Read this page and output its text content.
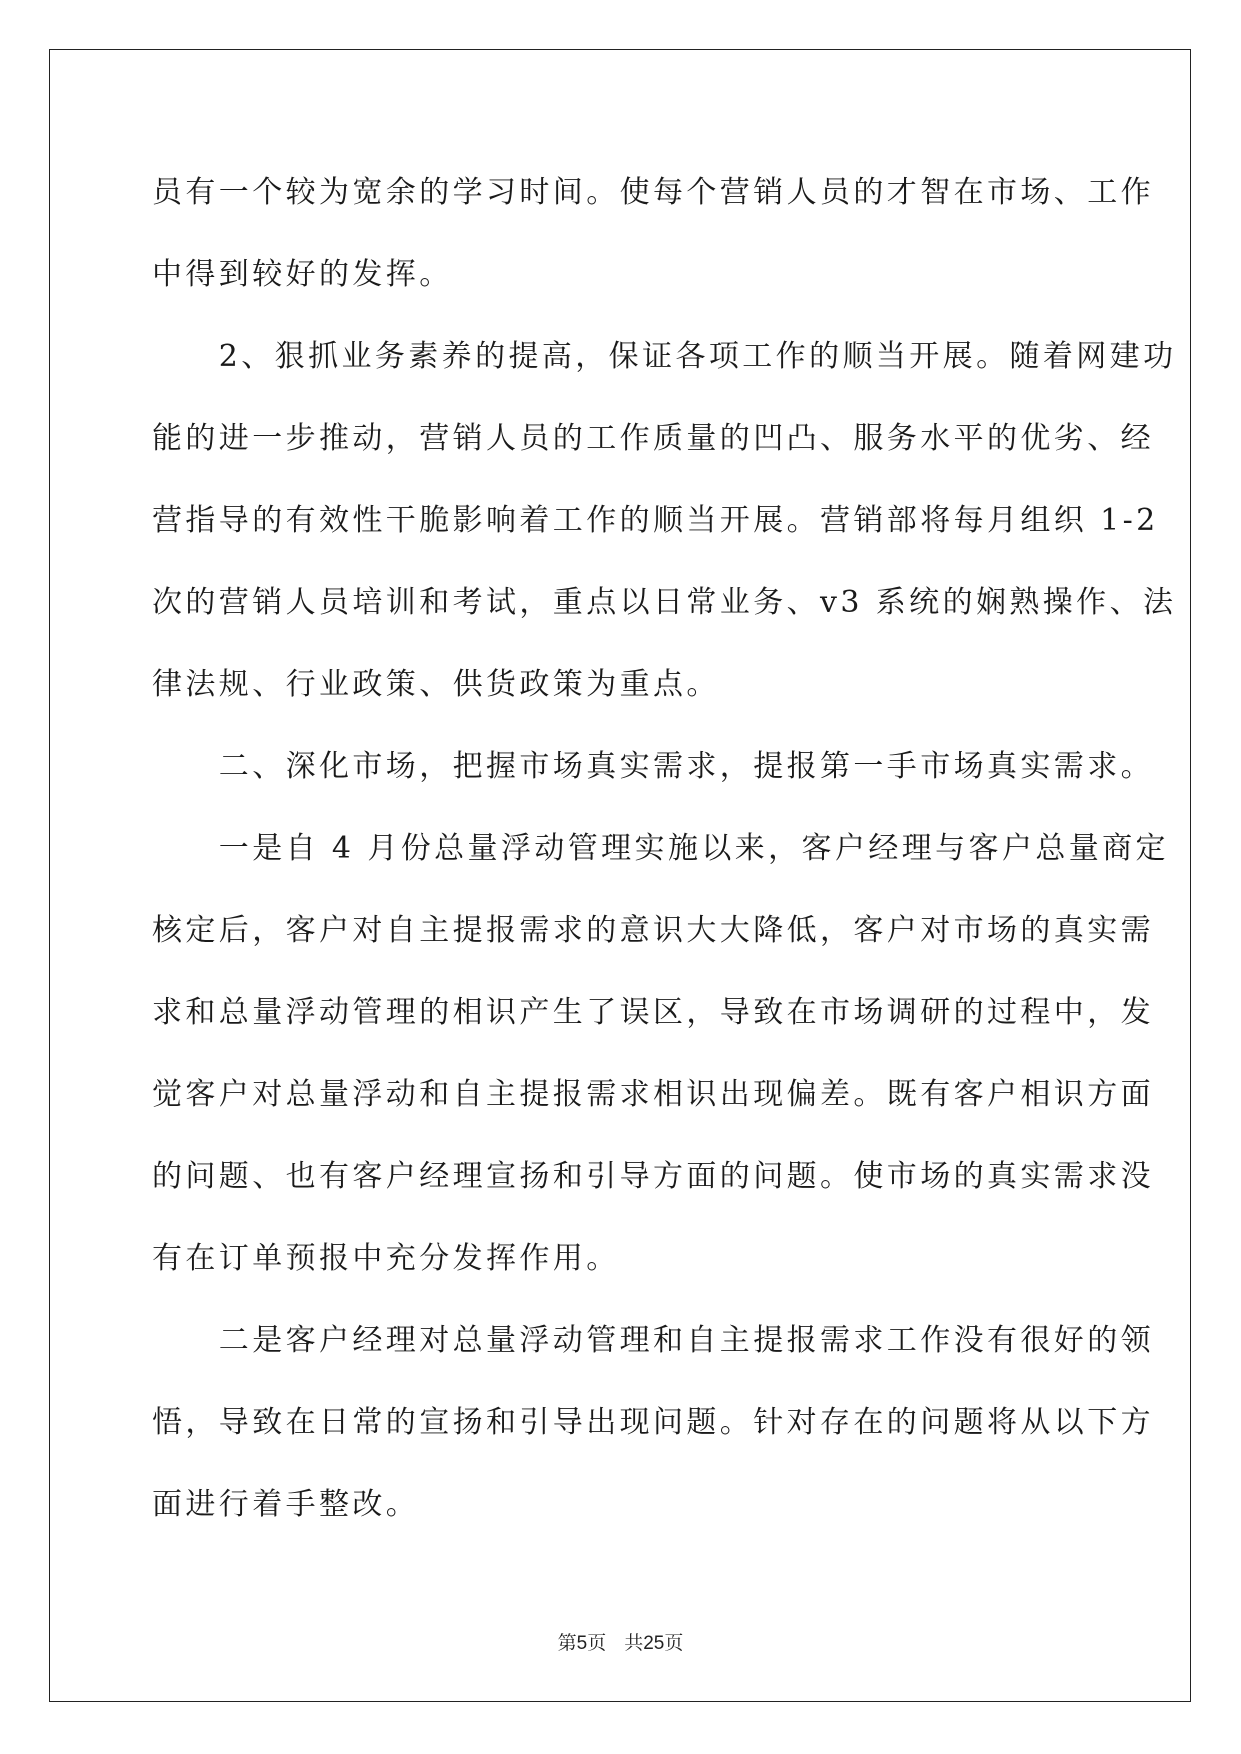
员有一个较为宽余的学习时间。使每个营销人员的才智在市场、工作
中得到较好的发挥。
　　2、狠抓业务素养的提高，保证各项工作的顺当开展。随着网建功
能的进一步推动，营销人员的工作质量的凹凸、服务水平的优劣、经
营指导的有效性干脆影响着工作的顺当开展。营销部将每月组织 1-2
次的营销人员培训和考试，重点以日常业务、v3 系统的娴熟操作、法
律法规、行业政策、供货政策为重点。
　　二、深化市场，把握市场真实需求，提报第一手市场真实需求。
　　一是自 4 月份总量浮动管理实施以来，客户经理与客户总量商定
核定后，客户对自主提报需求的意识大大降低，客户对市场的真实需
求和总量浮动管理的相识产生了误区，导致在市场调研的过程中，发
觉客户对总量浮动和自主提报需求相识出现偏差。既有客户相识方面
的问题、也有客户经理宣扬和引导方面的问题。使市场的真实需求没
有在订单预报中充分发挥作用。
　　二是客户经理对总量浮动管理和自主提报需求工作没有很好的领
悟，导致在日常的宣扬和引导出现问题。针对存在的问题将从以下方
面进行着手整改。
第5页 共25页
